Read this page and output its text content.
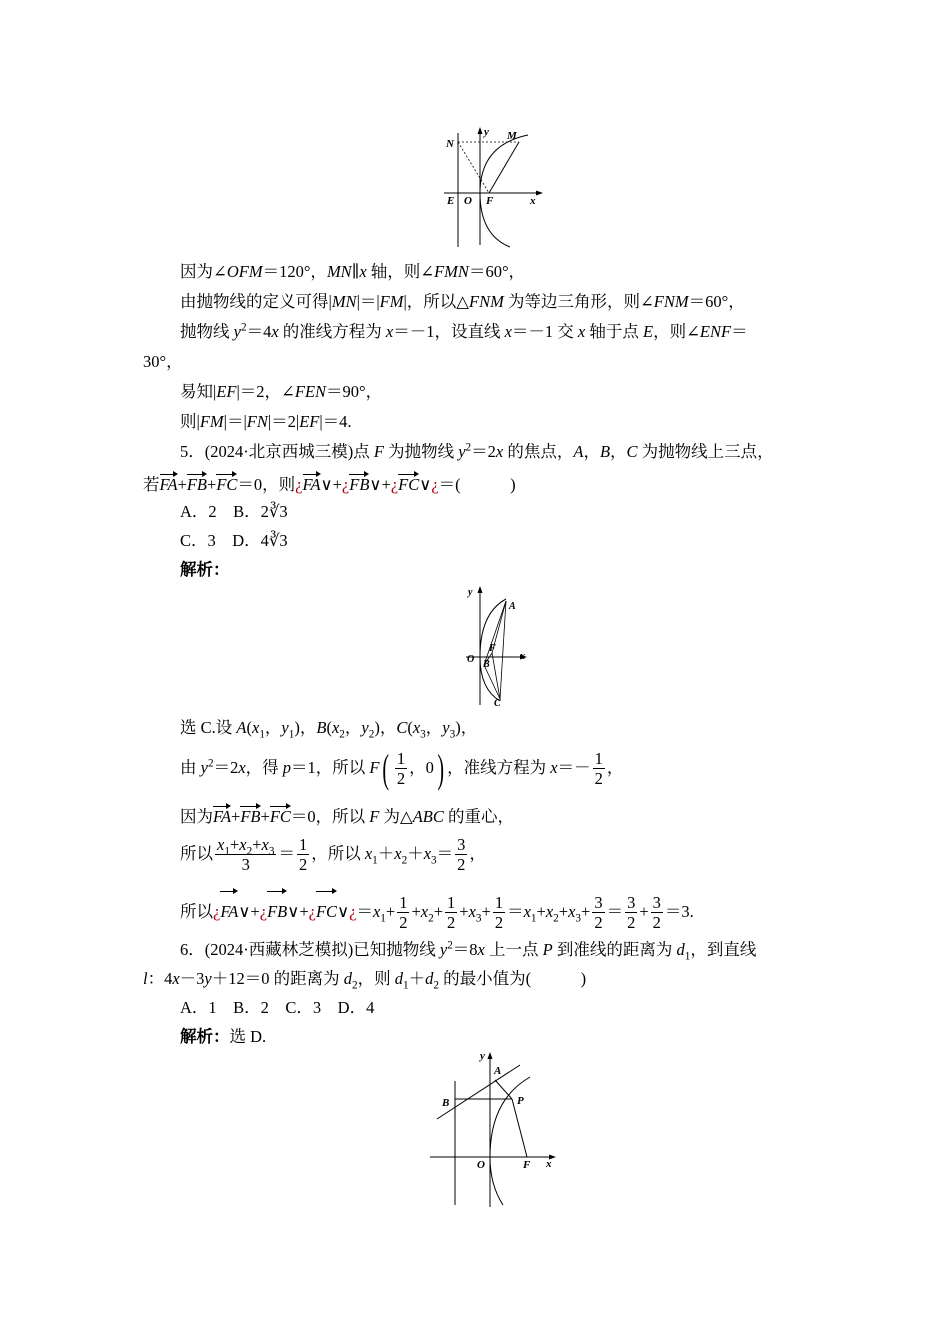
N
y M
E O F	x
因为∠OFM＝120°，MN∥x 轴，则∠FMN＝60°，
由抛物线的定义可得|MN|＝|FM|，所以△FNM 为等边三角形，则∠FNM＝60°，
抛物线 $y^2=4x$ 的准线方程为 x＝－1，设直线 x＝－1 交 x 轴于点 E，则∠ENF＝
30°，
易知|EF|＝2，∠FEN＝90°，
则|FM|＝|FN|＝2|EF|＝4.
5．(2024·北京西城三模)点 F 为抛物线 $y^2=2x$ 的焦点，A，B，C 为抛物线上三点，
若FA+FB+FC＝0，则¿FA∨+¿FB∨+¿FC∨¿＝(　　　)
A．2　B．2∛3
C．3　D．4∛3
解析：
y
A
F
O B
x
C
选 C.设 $A(x_1$，$y_1$)，$B(x_2$，$y_2$)，$C(x_3$，$y_3$)，
由 $y^2=2x$，得 p＝1，所以 $F( \frac{1}{2}$ ，0) ，准线方程为 $x=- \frac{1}{2}$ ，
因为FA+FB+FC＝0，所以 F 为△ABC 的重心，
所以 $\frac{x_1+x_2+x_3}{3} = \frac{1}{2}$ ，所以 $x_1+x_2+x_3= \frac{3}{2}$ ，
所以¿$FA\vee+¿FB\vee+¿FC\vee¿=x_1+ \frac{1}{2} +x_2+ \frac{1}{2} +x_3+ \frac{1}{2} =x_1+x_2+x_3+ \frac{3}{2} = \frac{3}{2} + \frac{3}{2} =3$.
6．(2024·西藏林芝模拟)已知抛物线 $y^2=8x$ 上一点 P 到准线的距离为 $d_1$，到直线
l：4x－3y＋12＝0 的距离为 $d_2$，则 $d_1+d_2$ 的最小值为(　　　)
A．1　B．2　C．3　D．4
解析：选 D.
y
A
B	P
O	F x
